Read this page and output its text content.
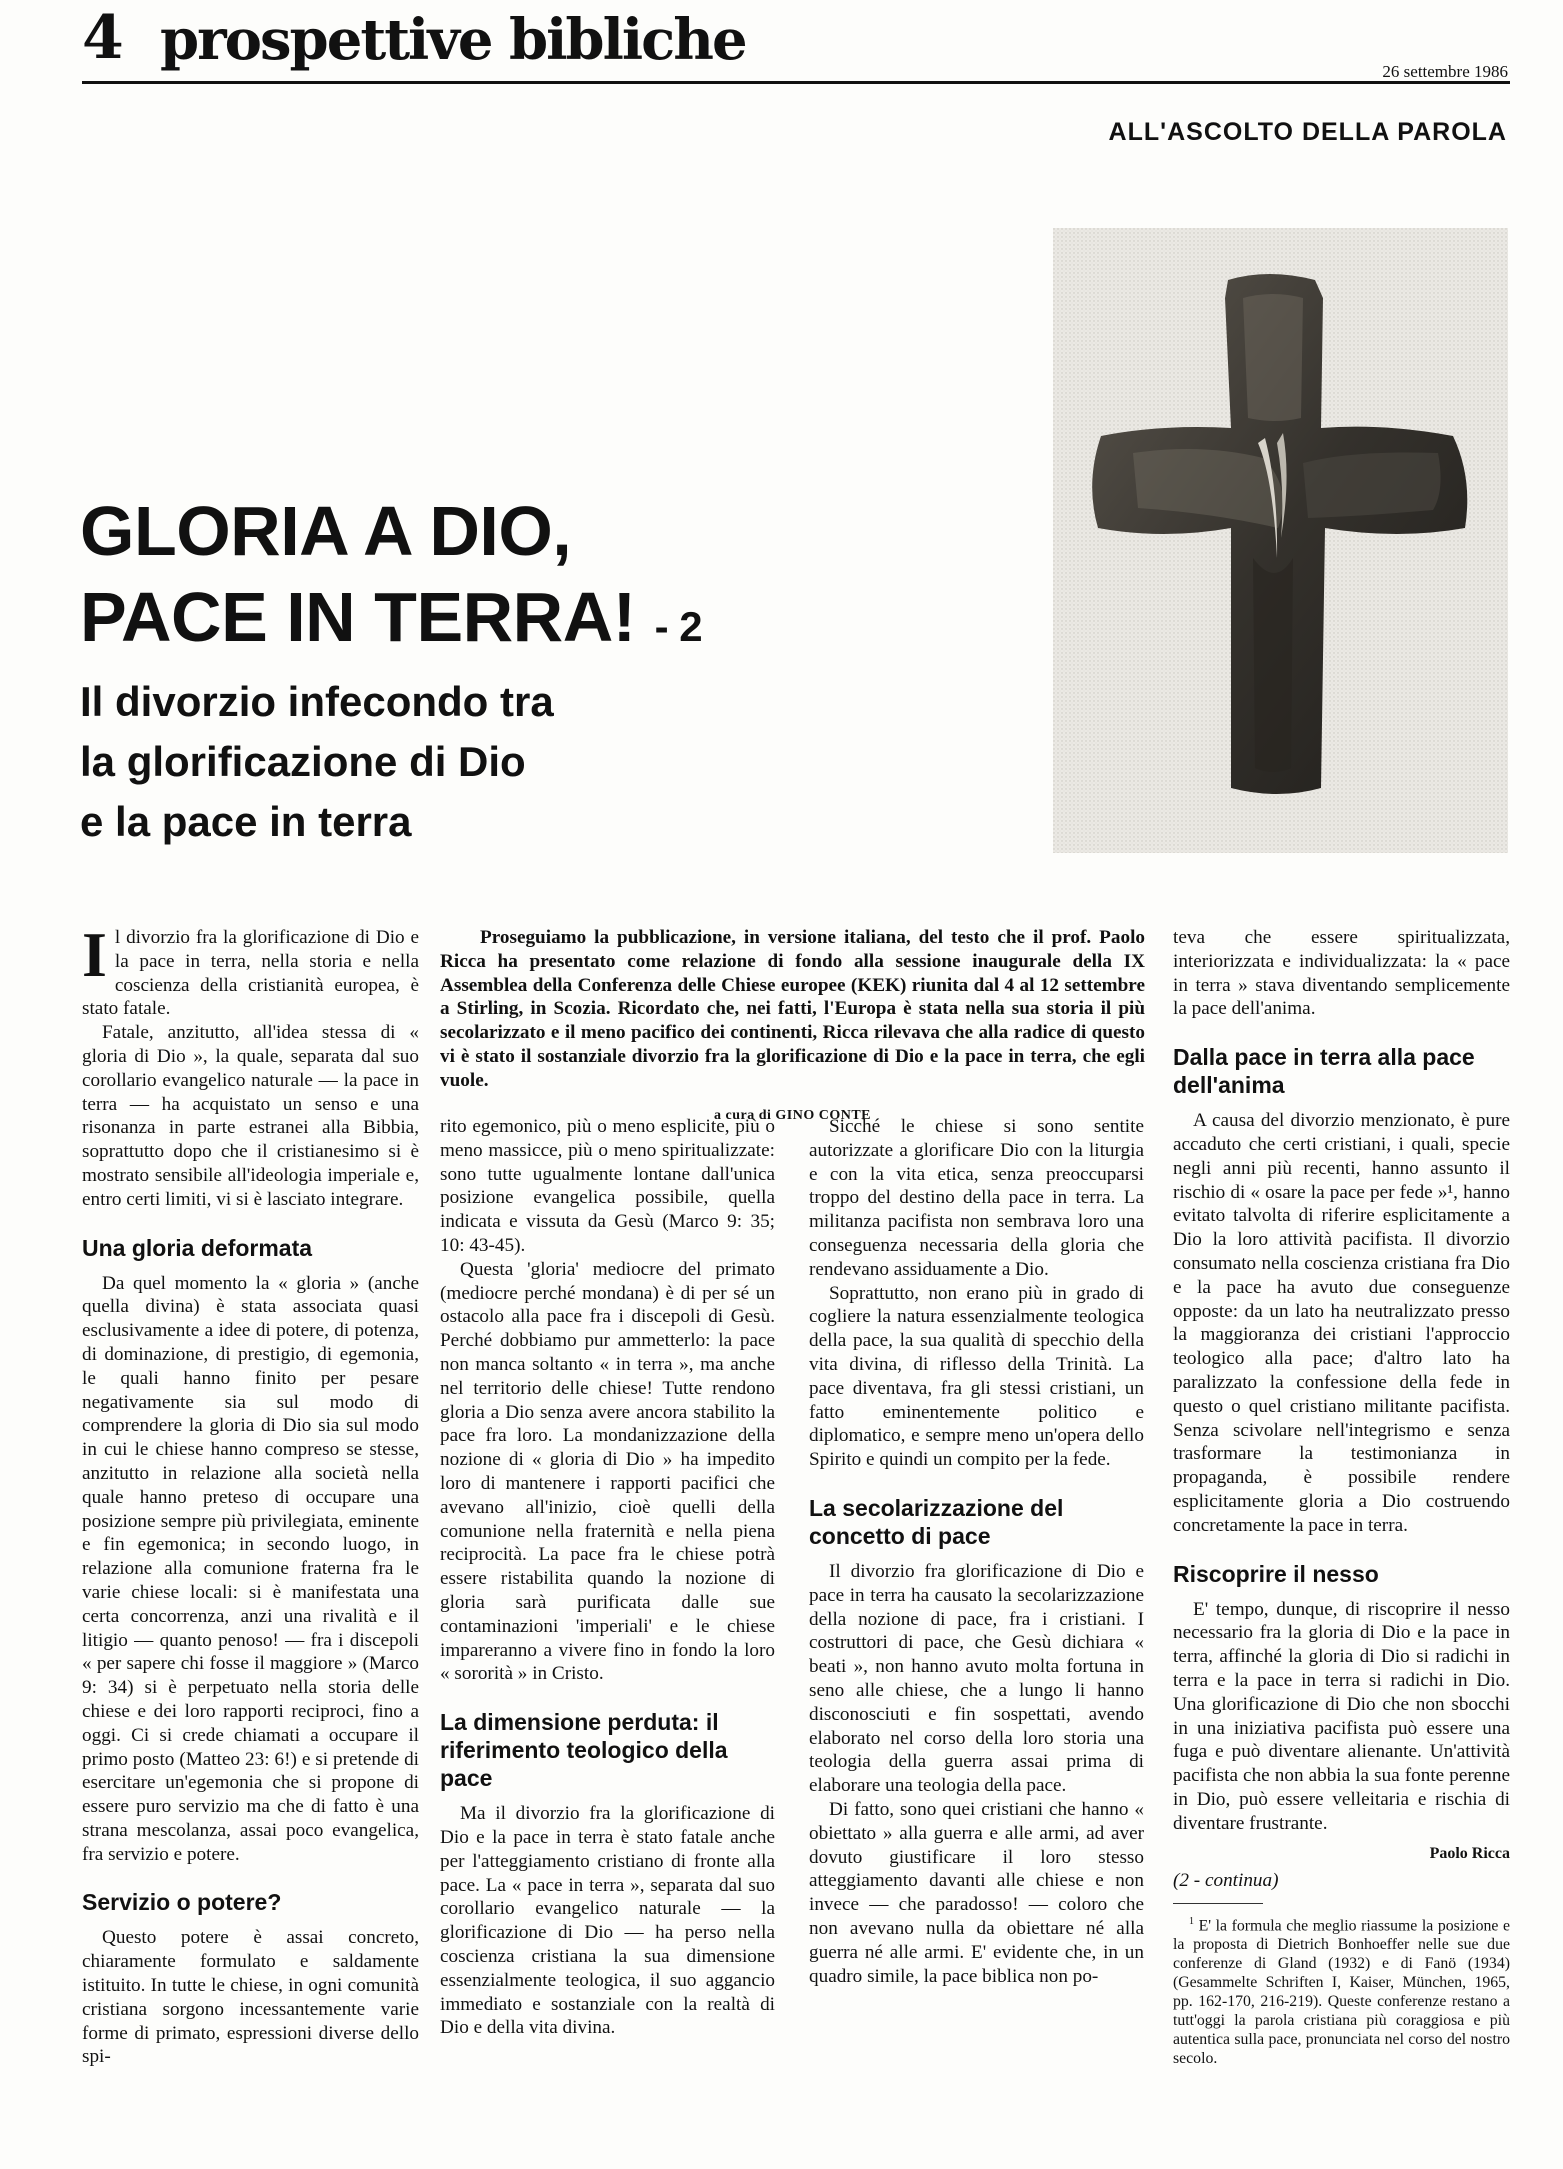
4 prospettive bibliche	26 settembre 1986
ALL'ASCOLTO DELLA PAROLA
GLORIA A DIO,
PACE IN TERRA! - 2
Il divorzio infecondo tra
la glorificazione di Dio
e la pace in terra

Il divorzio fra la glorificazione di Dio e la pace in terra, nella storia e nella coscienza della cristianità europea, è stato fatale.

Fatale, anzitutto, all'idea stessa di « gloria di Dio », la quale, separata dal suo corollario evangelico naturale — la pace in terra — ha acquistato un senso e una risonanza in parte estranei alla Bibbia, soprattutto dopo che il cristianesimo si è mostrato sensibile all'ideologia imperiale e, entro certi limiti, vi si è lasciato integrare.

Una gloria deformata

Da quel momento la « gloria » (anche quella divina) è stata associata quasi esclusivamente a idee di potere, di potenza, di dominazione, di prestigio, di egemonia, le quali hanno finito per pesare negativamente sia sul modo di comprendere la gloria di Dio sia sul modo in cui le chiese hanno compreso se stesse, anzitutto in relazione alla società nella quale hanno preteso di occupare una posizione sempre più privilegiata, eminente e fin egemonica; in secondo luogo, in relazione alla comunione fraterna fra le varie chiese locali: si è manifestata una certa concorrenza, anzi una rivalità e il litigio — quanto penoso! — fra i discepoli « per sapere chi fosse il maggiore » (Marco 9: 34) si è perpetuato nella storia delle chiese e dei loro rapporti reciproci, fino a oggi. Ci si crede chiamati a occupare il primo posto (Matteo 23: 6!) e si pretende di esercitare un'egemonia che si propone di essere puro servizio ma che di fatto è una strana mescolanza, assai poco evangelica, fra servizio e potere.

Servizio o potere?

Questo potere è assai concreto, chiaramente formulato e saldamente istituito. In tutte le chiese, in ogni comunità cristiana sorgono incessantemente varie forme di primato, espressioni diverse dello spi-

Proseguiamo la pubblicazione, in versione italiana, del testo che il prof. Paolo Ricca ha presentato come relazione di fondo alla sessione inaugurale della IX Assemblea della Conferenza delle Chiese europee (KEK) riunita dal 4 al 12 settembre a Stirling, in Scozia. Ricordato che, nei fatti, l'Europa è stata nella sua storia il più secolarizzato e il meno pacifico dei continenti, Ricca rilevava che alla radice di questo vi è stato il sostanziale divorzio fra la glorificazione di Dio e la pace in terra, che egli vuole.

a cura di GINO CONTE

rito egemonico, più o meno esplicite, più o meno massicce, più o meno spiritualizzate: sono tutte ugualmente lontane dall'unica posizione evangelica possibile, quella indicata e vissuta da Gesù (Marco 9: 35; 10: 43-45).

Questa 'gloria' mediocre del primato (mediocre perché mondana) è di per sé un ostacolo alla pace fra i discepoli di Gesù. Perché dobbiamo pur ammetterlo: la pace non manca soltanto « in terra », ma anche nel territorio delle chiese! Tutte rendono gloria a Dio senza avere ancora stabilito la pace fra loro. La mondanizzazione della nozione di « gloria di Dio » ha impedito loro di mantenere i rapporti pacifici che avevano all'inizio, cioè quelli della comunione nella fraternità e nella piena reciprocità. La pace fra le chiese potrà essere ristabilita quando la nozione di gloria sarà purificata dalle sue contaminazioni 'imperiali' e le chiese impareranno a vivere fino in fondo la loro « sororità » in Cristo.

La dimensione perduta: il riferimento teologico della pace

Ma il divorzio fra la glorificazione di Dio e la pace in terra è stato fatale anche per l'atteggiamento cristiano di fronte alla pace. La « pace in terra », separata dal suo corollario evangelico naturale — la glorificazione di Dio — ha perso nella coscienza cristiana la sua dimensione essenzialmente teologica, il suo aggancio immediato e sostanziale con la realtà di Dio e della vita divina.

Sicché le chiese si sono sentite autorizzate a glorificare Dio con la liturgia e con la vita etica, senza preoccuparsi troppo del destino della pace in terra. La militanza pacifista non sembrava loro una conseguenza necessaria della gloria che rendevano assiduamente a Dio.

Soprattutto, non erano più in grado di cogliere la natura essenzialmente teologica della pace, la sua qualità di specchio della vita divina, di riflesso della Trinità. La pace diventava, fra gli stessi cristiani, un fatto eminentemente politico e diplomatico, e sempre meno un'opera dello Spirito e quindi un compito per la fede.

La secolarizzazione del concetto di pace

Il divorzio fra glorificazione di Dio e pace in terra ha causato la secolarizzazione della nozione di pace, fra i cristiani. I costruttori di pace, che Gesù dichiara « beati », non hanno avuto molta fortuna in seno alle chiese, che a lungo li hanno disconosciuti e fin sospettati, avendo elaborato nel corso della loro storia una teologia della guerra assai prima di elaborare una teologia della pace.

Di fatto, sono quei cristiani che hanno « obiettato » alla guerra e alle armi, ad aver dovuto giustificare il loro stesso atteggiamento davanti alle chiese e non invece — che paradosso! — coloro che non avevano nulla da obiettare né alla guerra né alle armi. E' evidente che, in un quadro simile, la pace biblica non po-

teva che essere spiritualizzata, interiorizzata e individualizzata: la « pace in terra » stava diventando semplicemente la pace dell'anima.

Dalla pace in terra alla pace dell'anima

A causa del divorzio menzionato, è pure accaduto che certi cristiani, i quali, specie negli anni più recenti, hanno assunto il rischio di « osare la pace per fede »¹, hanno evitato talvolta di riferire esplicitamente a Dio la loro attività pacifista. Il divorzio consumato nella coscienza cristiana fra Dio e la pace ha avuto due conseguenze opposte: da un lato ha neutralizzato presso la maggioranza dei cristiani l'approccio teologico alla pace; d'altro lato ha paralizzato la confessione della fede in questo o quel cristiano militante pacifista. Senza scivolare nell'integrismo e senza trasformare la testimonianza in propaganda, è possibile rendere esplicitamente gloria a Dio costruendo concretamente la pace in terra.

Riscoprire il nesso

E' tempo, dunque, di riscoprire il nesso necessario fra la gloria di Dio e la pace in terra, affinché la gloria di Dio si radichi in terra e la pace in terra si radichi in Dio. Una glorificazione di Dio che non sbocchi in una iniziativa pacifista può essere una fuga e può diventare alienante. Un'attività pacifista che non abbia la sua fonte perenne in Dio, può essere velleitaria e rischia di diventare frustrante.

Paolo Ricca
(2 - continua)

$^1$ E' la formula che meglio riassume la posizione e la proposta di Dietrich Bonhoeffer nelle sue due conferenze di Gland (1932) e di Fanö (1934) (Gesammelte Schriften I, Kaiser, München, 1965, pp. 162-170, 216-219). Queste conferenze restano a tutt'oggi la parola cristiana più coraggiosa e più autentica sulla pace, pronunciata nel corso del nostro secolo.
